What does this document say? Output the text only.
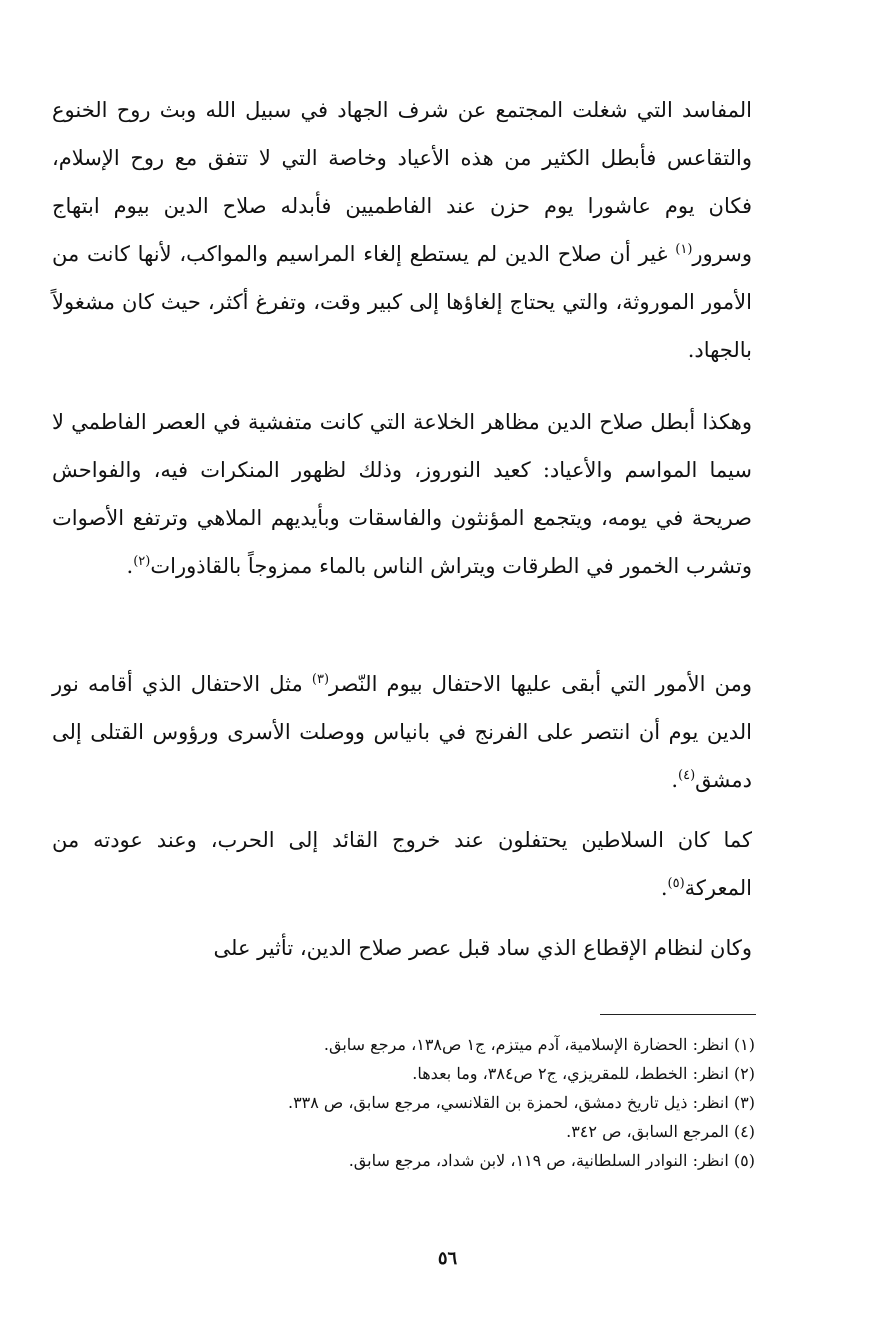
المفاسد التي شغلت المجتمع عن شرف الجهاد في سبيل الله وبث روح الخنوع والتقاعس فأبطل الكثير من هذه الأعياد وخاصة التي لا تتفق مع روح الإسلام، فكان يوم عاشورا يوم حزن عند الفاطميين فأبدله صلاح الدين بيوم ابتهاج وسرور$^{(١)}$ غير أن صلاح الدين لم يستطع إلغاء المراسيم والمواكب، لأنها كانت من الأمور الموروثة، والتي يحتاج إلغاؤها إلى كبير وقت، وتفرغ أكثر، حيث كان مشغولاً بالجهاد.

وهكذا أبطل صلاح الدين مظاهر الخلاعة التي كانت متفشية في العصر الفاطمي لا سيما المواسم والأعياد: كعيد النوروز، وذلك لظهور المنكرات فيه، والفواحش صريحة في يومه، ويتجمع المؤنثون والفاسقات وبأيديهم الملاهي وترتفع الأصوات وتشرب الخمور في الطرقات ويتراش الناس بالماء ممزوجاً بالقاذورات$^{(٢)}$.

ومن الأمور التي أبقى عليها الاحتفال بيوم النّصر$^{(٣)}$ مثل الاحتفال الذي أقامه نور الدين يوم أن انتصر على الفرنج في بانياس ووصلت الأسرى ورؤوس القتلى إلى دمشق$^{(٤)}$.

كما كان السلاطين يحتفلون عند خروج القائد إلى الحرب، وعند عودته من المعركة$^{(٥)}$.

وكان لنظام الإقطاع الذي ساد قبل عصر صلاح الدين، تأثير على

(١) انظر: الحضارة الإسلامية، آدم ميتزم، ج١ ص١٣٨، مرجع سابق.
(٢) انظر: الخطط، للمقريزي، ج٢ ص٣٨٤، وما بعدها.
(٣) انظر: ذيل تاريخ دمشق، لحمزة بن القلانسي، مرجع سابق، ص ٣٣٨.
(٤) المرجع السابق، ص ٣٤٢.
(٥) انظر: النوادر السلطانية، ص ١١٩، لابن شداد، مرجع سابق.
٥٦
